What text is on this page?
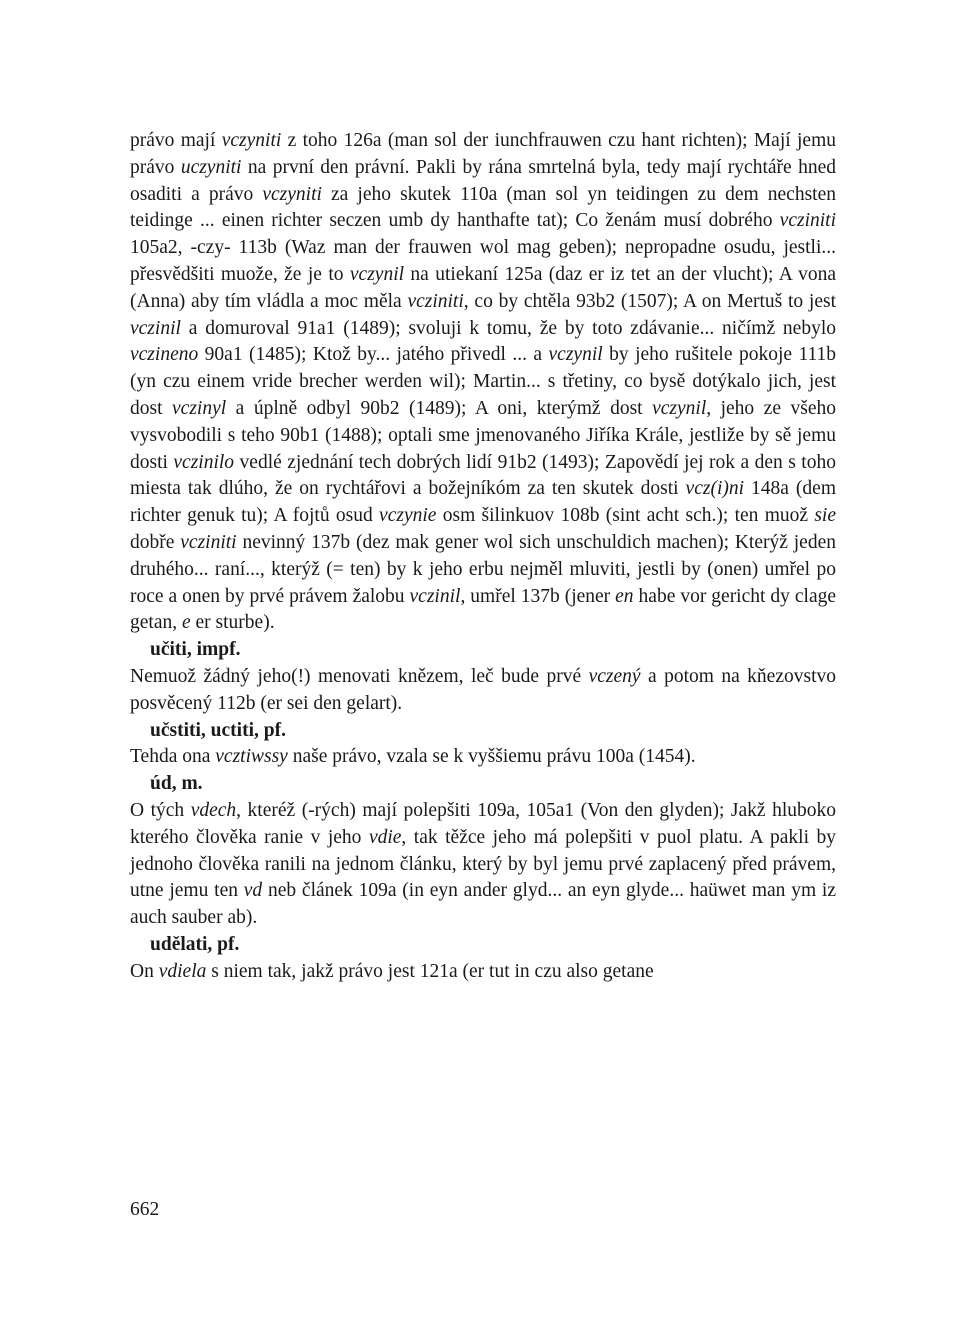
právo mají vczyniti z toho 126a (man sol der iunchfrauwen czu hant richten); Mají jemu právo uczyniti na první den právní. Pakli by rána smrtelná byla, tedy mají rychtáře hned osaditi a právo vczyniti za jeho skutek 110a (man sol yn teidingen zu dem nechsten teidinge ... einen richter seczen umb dy hanthafte tat); Co ženám musí dobrého vcziniti 105a2, -czy- 113b (Waz man der frauwen wol mag geben); nepropadne osudu, jestli... přesvědšiti muože, že je to vczynil na utiekaní 125a (daz er iz tet an der vlucht); A vona (Anna) aby tím vládla a moc měla vcziniti, co by chtěla 93b2 (1507); A on Mertuš to jest vczinil a domuroval 91a1 (1489); svoluji k tomu, že by toto zdávanie... ničímž nebylo vczineno 90a1 (1485); Ktož by... jatého přivedl ... a vczynil by jeho rušitele pokoje 111b (yn czu einem vride brecher werden wil); Martin... s třetiny, co bysě dotýkalo jich, jest dost vczinyl a úplně odbyl 90b2 (1489); A oni, kterýmž dost vczynil, jeho ze všeho vysvobodili s teho 90b1 (1488); optali sme jmenovaného Jiříka Krále, jestliže by sě jemu dosti vczinilo vedlé zjednání tech dobrých lidí 91b2 (1493); Zapovědí jej rok a den s toho miesta tak dlúho, že on rychtářovi a božejníkóm za ten skutek dosti vcz(i)ni 148a (dem richter genuk tu); A fojtů osud vczynie osm šilinkuov 108b (sint acht sch.); ten muož sie dobře vcziniti nevinný 137b (dez mak gener wol sich unschuldich machen); Kterýž jeden druhého... raní..., kterýž (= ten) by k jeho erbu nejměl mluviti, jestli by (onen) umřel po roce a onen by prvé právem žalobu vczinil, umřel 137b (jener en habe vor gericht dy clage getan, e er sturbe).

učiti, impf.

Nemuož žádný jeho(!) menovati knězem, leč bude prvé vczený a potom na kňezovstvo posvěcený 112b (er sei den gelart).

učstiti, uctiti, pf.

Tehda ona vcztiwssy naše právo, vzala se k vyššiemu právu 100a (1454).

úd, m.

O tých vdech, kteréž (-rých) mají polepšiti 109a, 105a1 (Von den glyden); Jakž hluboko kterého člověka ranie v jeho vdie, tak těžce jeho má polepšiti v puol platu. A pakli by jednoho člověka ranili na jednom článku, který by byl jemu prvé zaplacený před právem, utne jemu ten vd neb článek 109a (in eyn ander glyd... an eyn glyde... haüwet man ym iz auch sauber ab).

udělati, pf.

On vdiela s niem tak, jakž právo jest 121a (er tut in czu also getane

662
